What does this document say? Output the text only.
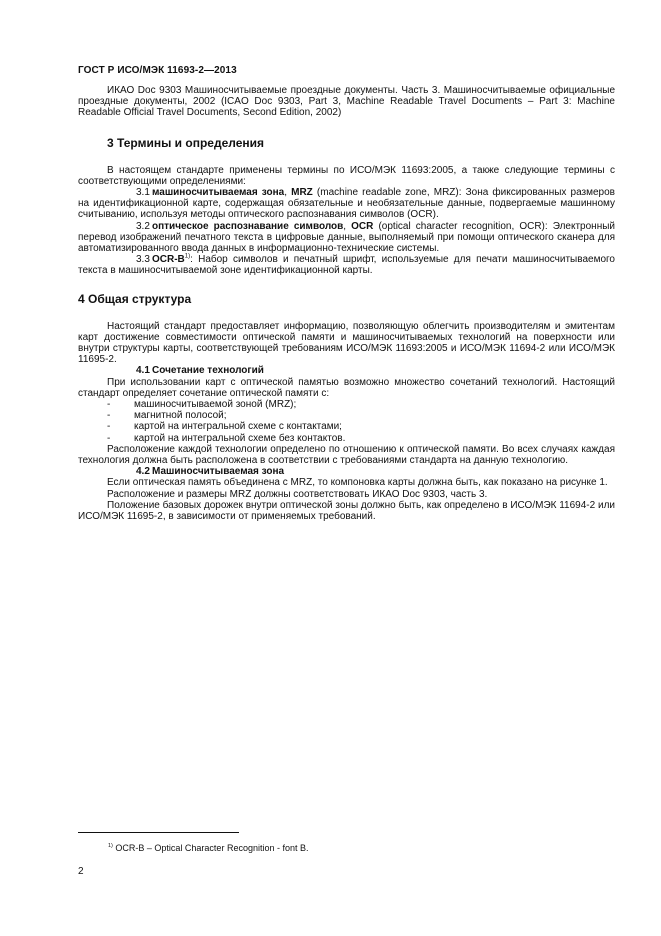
ГОСТ Р ИСО/МЭК 11693-2—2013

ИКАО Doc 9303 Машиносчитываемые проездные документы. Часть 3. Машиносчитываемые официальные проездные документы, 2002 (ICAO Doc 9303, Part 3, Machine Readable Travel Documents – Part 3: Machine Readable Official Travel Documents, Second Edition, 2002)

3 Термины и определения

В настоящем стандарте применены термины по ИСО/МЭК 11693:2005, а также следующие термины с соответствующими определениями:

3.1 машиносчитываемая зона, MRZ (machine readable zone, MRZ): Зона фиксированных размеров на идентификационной карте, содержащая обязательные и необязательные данные, подвергаемые машинному считыванию, используя методы оптического распознавания символов (OCR).

3.2 оптическое распознавание символов, OCR (optical character recognition, OCR): Электронный перевод изображений печатного текста в цифровые данные, выполняемый при помощи оптического сканера для автоматизированного ввода данных в информационно-технические системы.

3.3 OCR-$B^{1)}$: Набор символов и печатный шрифт, используемые для печати машиносчитываемого текста в машиносчитываемой зоне идентификационной карты.

4 Общая структура

Настоящий стандарт предоставляет информацию, позволяющую облегчить производителям и эмитентам карт достижение совместимости оптической памяти и машиносчитываемых технологий на поверхности или внутри структуры карты, соответствующей требованиям ИСО/МЭК 11693:2005 и ИСО/МЭК 11694-2 или ИСО/МЭК 11695-2.

4.1 Сочетание технологий

При использовании карт с оптической памятью возможно множество сочетаний технологий. Настоящий стандарт определяет сочетание оптической памяти с:

- машиносчитываемой зоной (MRZ);
- магнитной полосой;
- картой на интегральной схеме с контактами;
- картой на интегральной схеме без контактов.

Расположение каждой технологии определено по отношению к оптической памяти. Во всех случаях каждая технология должна быть расположена в соответствии с требованиями стандарта на данную технологию.

4.2 Машиносчитываемая зона

Если оптическая память объединена с MRZ, то компоновка карты должна быть, как показано на рисунке 1.

Расположение и размеры MRZ должны соответствовать ИКАО Doc 9303, часть 3.

Положение базовых дорожек внутри оптической зоны должно быть, как определено в ИСО/МЭК 11694-2 или ИСО/МЭК 11695-2, в зависимости от применяемых требований.

$^{1)}$ OCR-B – Optical Character Recognition - font B.
2
